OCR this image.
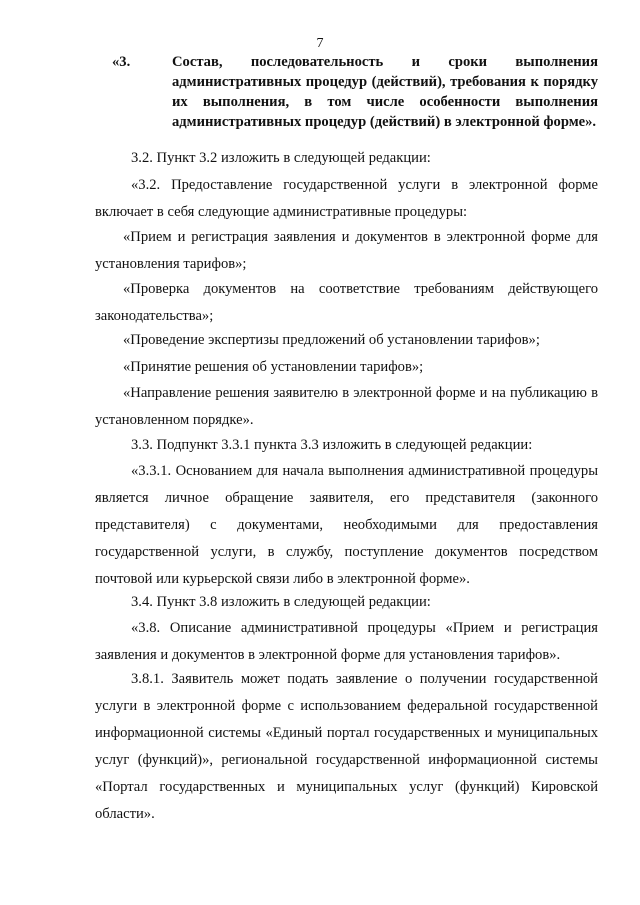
7
«3.	Состав, последовательность и сроки выполнения административных процедур (действий), требования к порядку их выполнения, в том числе особенности выполнения административных процедур (действий) в электронной форме».
3.2. Пункт 3.2 изложить в следующей редакции:
«3.2. Предоставление государственной услуги в электронной форме включает в себя следующие административные процедуры:
«Прием и регистрация заявления и документов в электронной форме для установления тарифов»;
«Проверка документов на соответствие требованиям действующего законодательства»;
«Проведение экспертизы предложений об установлении тарифов»;
«Принятие решения об установлении тарифов»;
«Направление решения заявителю в электронной форме и на публикацию в установленном порядке».
3.3. Подпункт 3.3.1 пункта 3.3 изложить в следующей редакции:
«3.3.1. Основанием для начала выполнения административной процедуры является личное обращение заявителя, его представителя (законного представителя) с документами, необходимыми для предоставления государственной услуги, в службу, поступление документов посредством почтовой или курьерской связи либо в электронной форме».
3.4. Пункт 3.8 изложить в следующей редакции:
«3.8. Описание административной процедуры «Прием и регистрация заявления и документов в электронной форме для установления тарифов».
3.8.1. Заявитель может подать заявление о получении государственной услуги в электронной форме с использованием федеральной государственной информационной системы «Единый портал государственных и муниципальных услуг (функций)», региональной государственной информационной системы «Портал государственных и муниципальных услуг (функций) Кировской области».
